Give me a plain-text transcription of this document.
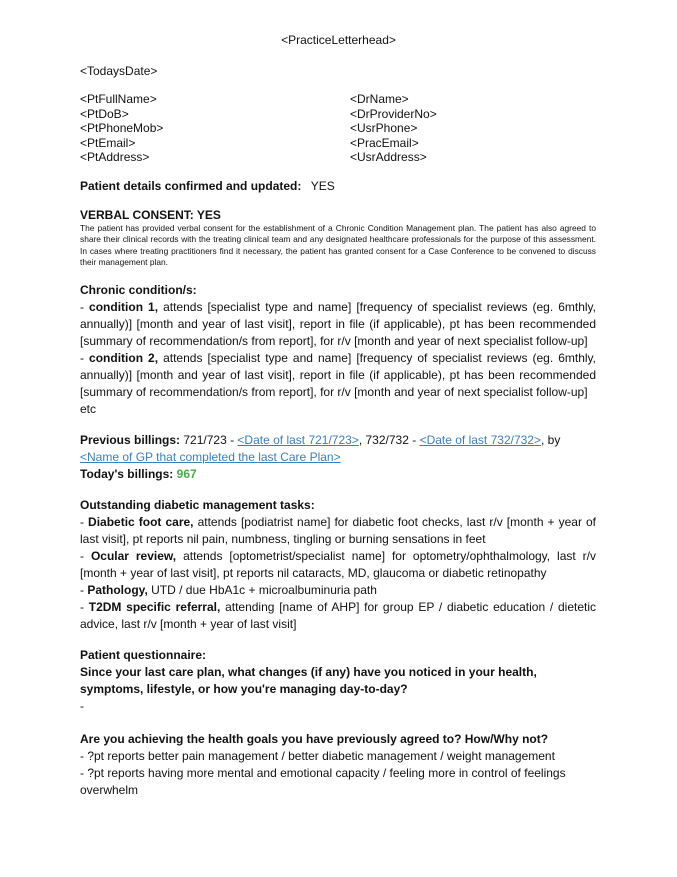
<PracticeLetterhead>
<TodaysDate>
<PtFullName>
<PtDoB>
<PtPhoneMob>
<PtEmail>
<PtAddress>
<DrName>
<DrProviderNo>
<UsrPhone>
<PracEmail>
<UsrAddress>
Patient details confirmed and updated: YES
VERBAL CONSENT: YES
The patient has provided verbal consent for the establishment of a Chronic Condition Management plan. The patient has also agreed to share their clinical records with the treating clinical team and any designated healthcare professionals for the purpose of this assessment. In cases where treating practitioners find it necessary, the patient has granted consent for a Case Conference to be convened to discuss their management plan.
Chronic condition/s:
- condition 1, attends [specialist type and name] [frequency of specialist reviews (eg. 6mthly, annually)] [month and year of last visit], report in file (if applicable), pt has been recommended [summary of recommendation/s from report], for r/v [month and year of next specialist follow-up]
- condition 2, attends [specialist type and name] [frequency of specialist reviews (eg. 6mthly, annually)] [month and year of last visit], report in file (if applicable), pt has been recommended [summary of recommendation/s from report], for r/v [month and year of next specialist follow-up]
etc
Previous billings: 721/723 - <Date of last 721/723>, 732/732 - <Date of last 732/732>, by
<Name of GP that completed the last Care Plan>
Today's billings: 967
Outstanding diabetic management tasks:
- Diabetic foot care, attends [podiatrist name] for diabetic foot checks, last r/v [month + year of last visit], pt reports nil pain, numbness, tingling or burning sensations in feet
- Ocular review, attends [optometrist/specialist name] for optometry/ophthalmology, last r/v [month + year of last visit], pt reports nil cataracts, MD, glaucoma or diabetic retinopathy
- Pathology, UTD / due HbA1c + microalbuminuria path
- T2DM specific referral, attending [name of AHP] for group EP / diabetic education / dietetic advice, last r/v [month + year of last visit]
Patient questionnaire:
Since your last care plan, what changes (if any) have you noticed in your health, symptoms, lifestyle, or how you're managing day-to-day?
-
Are you achieving the health goals you have previously agreed to? How/Why not?
- ?pt reports better pain management / better diabetic management / weight management
- ?pt reports having more mental and emotional capacity / feeling more in control of feelings overwhelm
